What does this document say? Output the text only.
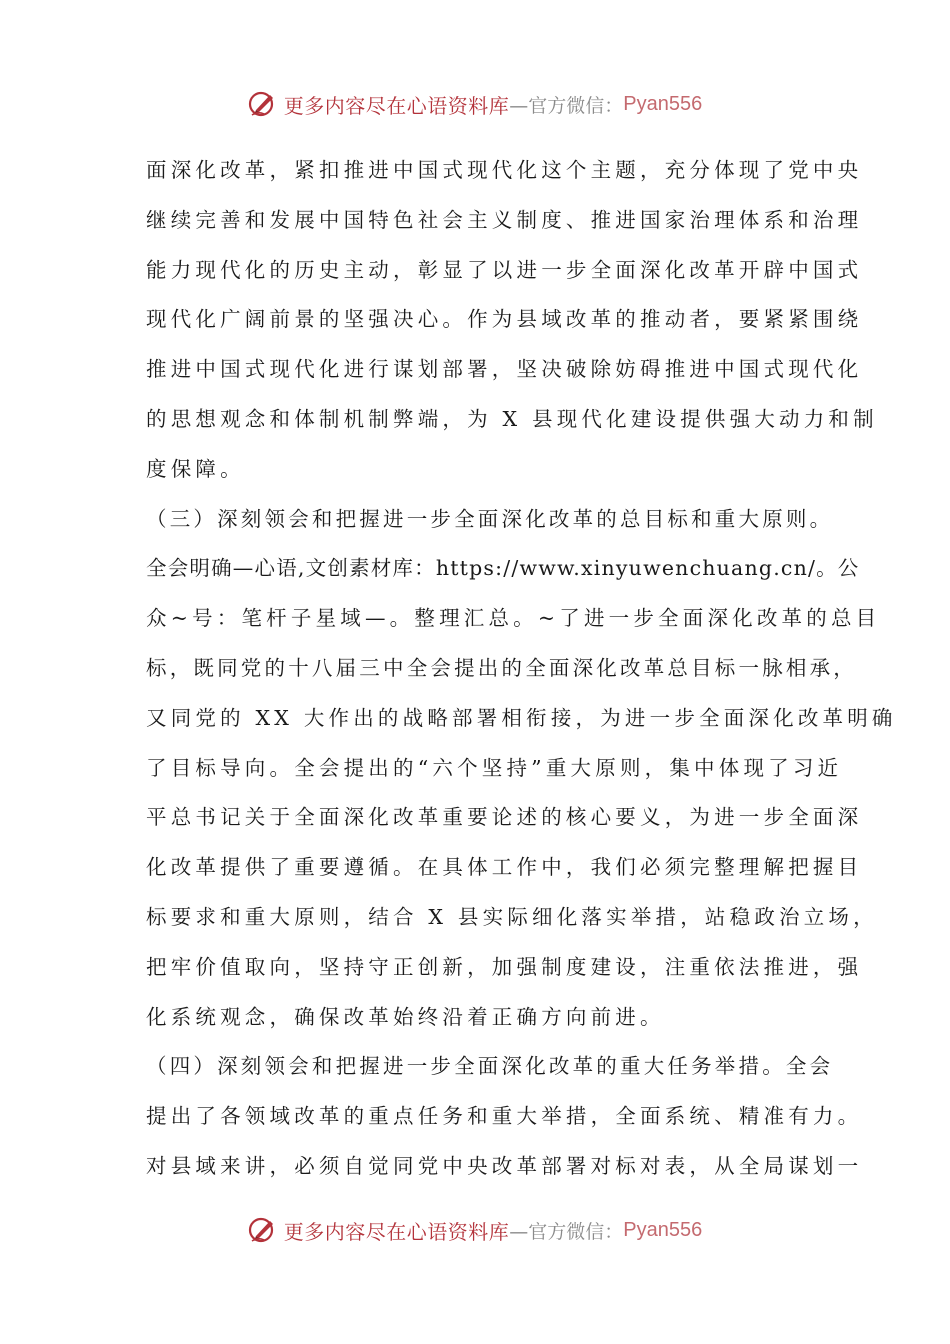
更多内容尽在心语资料库 —官方微信： Pyan556
面深化改革，紧扣推进中国式现代化这个主题，充分体现了党中央
继续完善和发展中国特色社会主义制度、推进国家治理体系和治理
能力现代化的历史主动，彰显了以进一步全面深化改革开辟中国式
现代化广阔前景的坚强决心。作为县域改革的推动者，要紧紧围绕
推进中国式现代化进行谋划部署，坚决破除妨碍推进中国式现代化
的思想观念和体制机制弊端，为 X 县现代化建设提供强大动力和制
度保障。
（三）深刻领会和把握进一步全面深化改革的总目标和重大原则。
全会明确—心语,文创素材库：https://www.xinyuwenchuang.cn/。公
众~号：笔杆子星域—。整理汇总。~了进一步全面深化改革的总目
标，既同党的十八届三中全会提出的全面深化改革总目标一脉相承，
又同党的 XX 大作出的战略部署相衔接，为进一步全面深化改革明确
了目标导向。全会提出的“六个坚持”重大原则，集中体现了习近
平总书记关于全面深化改革重要论述的核心要义，为进一步全面深
化改革提供了重要遵循。在具体工作中，我们必须完整理解把握目
标要求和重大原则，结合 X 县实际细化落实举措，站稳政治立场，
把牢价值取向，坚持守正创新，加强制度建设，注重依法推进，强
化系统观念，确保改革始终沿着正确方向前进。
（四）深刻领会和把握进一步全面深化改革的重大任务举措。全会
提出了各领域改革的重点任务和重大举措，全面系统、精准有力。
对县域来讲，必须自觉同党中央改革部署对标对表，从全局谋划一
更多内容尽在心语资料库 —官方微信： Pyan556
